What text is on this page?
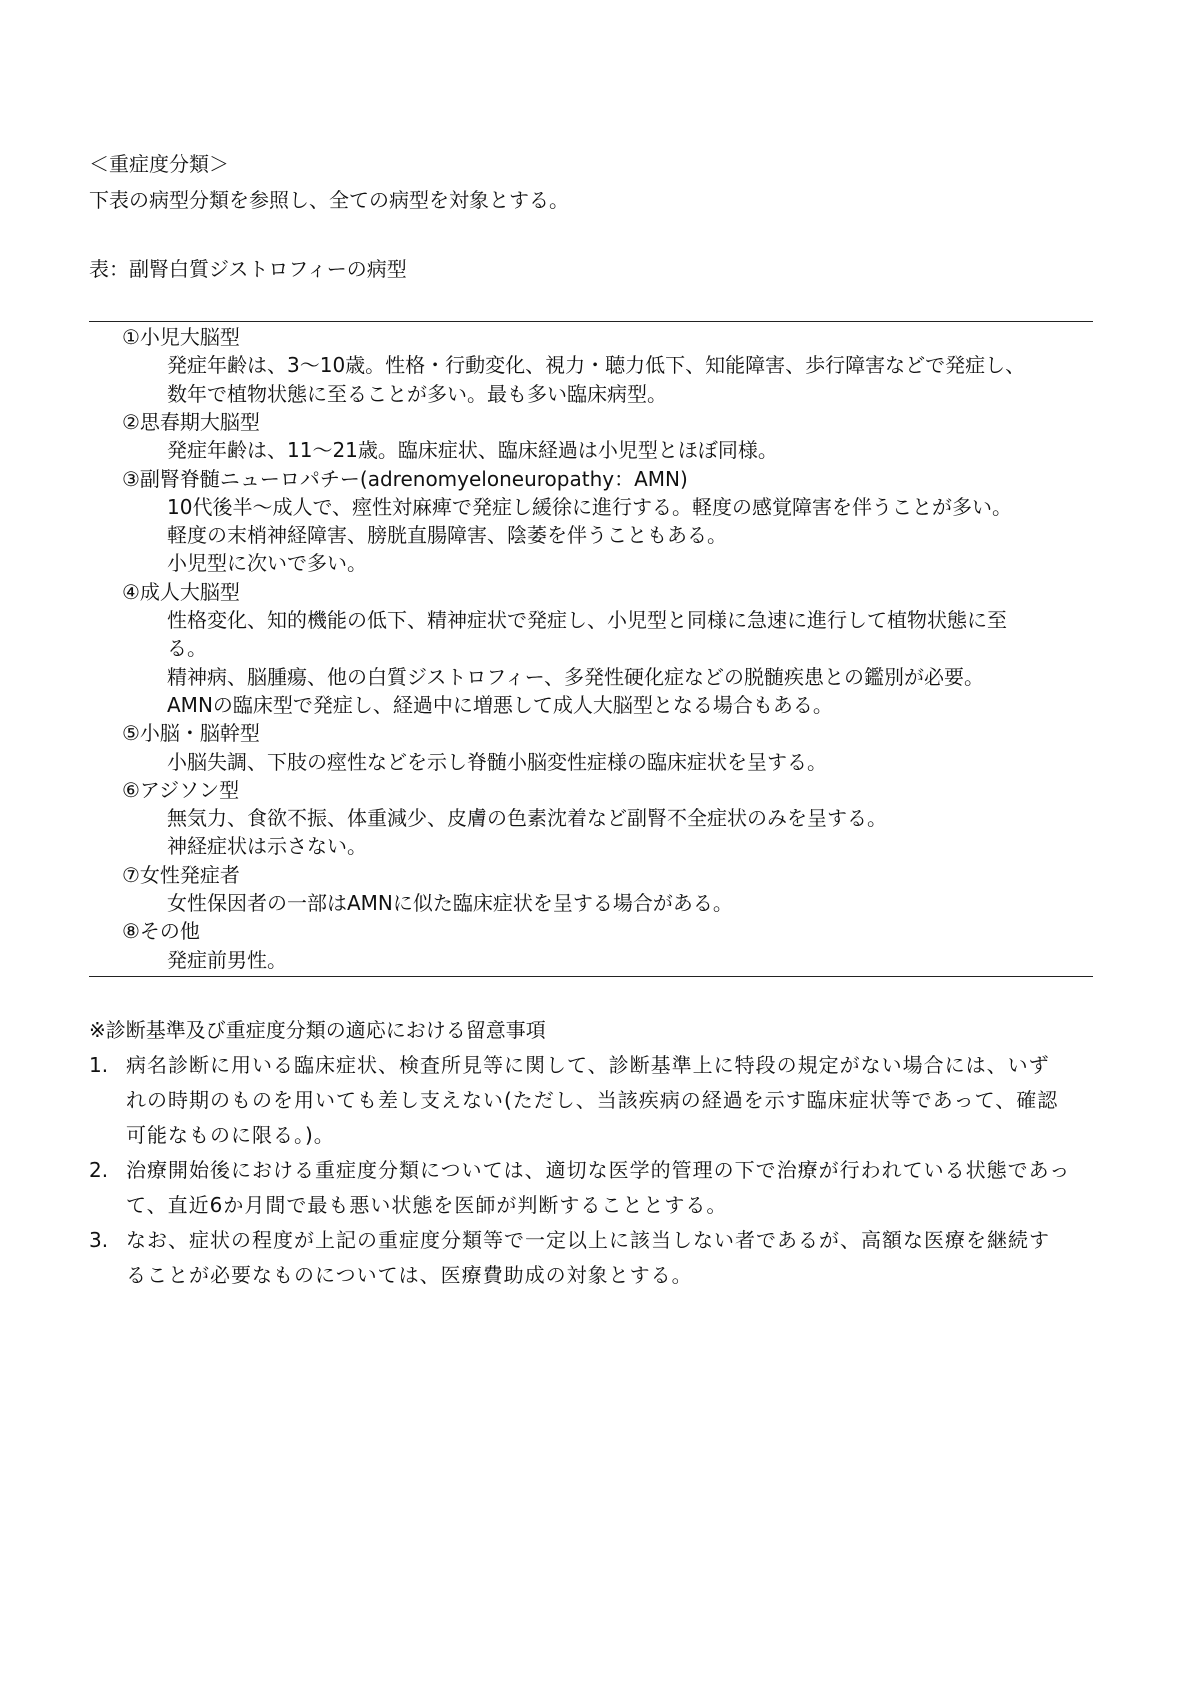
＜重症度分類＞
下表の病型分類を参照し、全ての病型を対象とする。
表：副腎白質ジストロフィーの病型
①小児大脳型
発症年齢は、3～10歳。性格・行動変化、視力・聴力低下、知能障害、歩行障害などで発症し、
数年で植物状態に至ることが多い。最も多い臨床病型。
②思春期大脳型
発症年齢は、11～21歳。臨床症状、臨床経過は小児型とほぼ同様。
③副腎脊髄ニューロパチー(adrenomyeloneuropathy：AMN)
10代後半～成人で、痙性対麻痺で発症し緩徐に進行する。軽度の感覚障害を伴うことが多い。
軽度の末梢神経障害、膀胱直腸障害、陰萎を伴うこともある。
小児型に次いで多い。
④成人大脳型
性格変化、知的機能の低下、精神症状で発症し、小児型と同様に急速に進行して植物状態に至
る。
精神病、脳腫瘍、他の白質ジストロフィー、多発性硬化症などの脱髄疾患との鑑別が必要。
AMNの臨床型で発症し、経過中に増悪して成人大脳型となる場合もある。
⑤小脳・脳幹型
小脳失調、下肢の痙性などを示し脊髄小脳変性症様の臨床症状を呈する。
⑥アジソン型
無気力、食欲不振、体重減少、皮膚の色素沈着など副腎不全症状のみを呈する。
神経症状は示さない。
⑦女性発症者
女性保因者の一部はAMNに似た臨床症状を呈する場合がある。
⑧その他
発症前男性。
※診断基準及び重症度分類の適応における留意事項
1. 病名診断に用いる臨床症状、検査所見等に関して、診断基準上に特段の規定がない場合には、いず
れの時期のものを用いても差し支えない(ただし、当該疾病の経過を示す臨床症状等であって、確認
可能なものに限る。)。
2. 治療開始後における重症度分類については、適切な医学的管理の下で治療が行われている状態であっ
て、直近6か月間で最も悪い状態を医師が判断することとする。
3. なお、症状の程度が上記の重症度分類等で一定以上に該当しない者であるが、高額な医療を継続す
ることが必要なものについては、医療費助成の対象とする。
